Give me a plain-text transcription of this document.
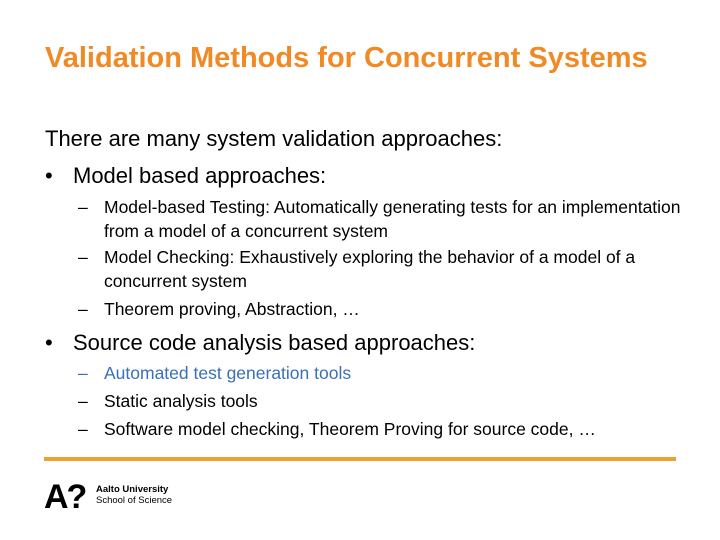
Validation Methods for Concurrent Systems

There are many system validation approaches:

• Model based approaches:

– Model-based Testing: Automatically generating tests for an implementation from a model of a concurrent system
– Model Checking: Exhaustively exploring the behavior of a model of a concurrent system
– Theorem proving, Abstraction, …

• Source code analysis based approaches:

– Automated test generation tools
– Static analysis tools
– Software model checking, Theorem Proving for source code, …
A? Aalto University
School of Science
